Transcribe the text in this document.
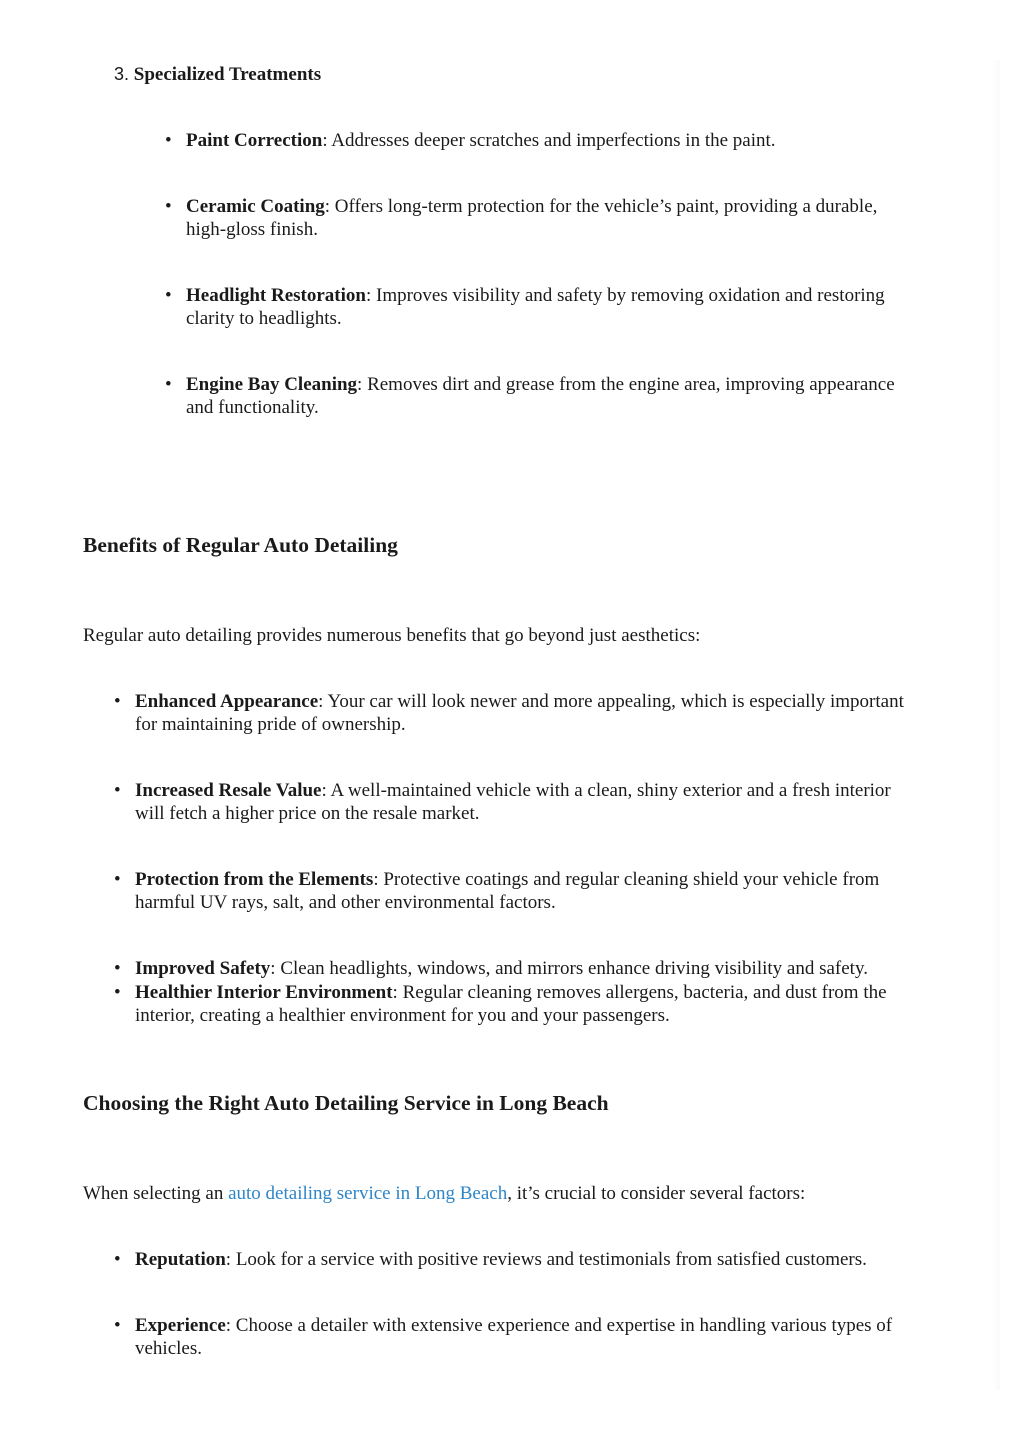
3. Specialized Treatments
• Paint Correction: Addresses deeper scratches and imperfections in the paint.
• Ceramic Coating: Offers long-term protection for the vehicle’s paint, providing a durable,
high-gloss finish.
• Headlight Restoration: Improves visibility and safety by removing oxidation and restoring
clarity to headlights.
• Engine Bay Cleaning: Removes dirt and grease from the engine area, improving appearance
and functionality.
Benefits of Regular Auto Detailing
Regular auto detailing provides numerous benefits that go beyond just aesthetics:
• Enhanced Appearance: Your car will look newer and more appealing, which is especially important
for maintaining pride of ownership.
• Increased Resale Value: A well-maintained vehicle with a clean, shiny exterior and a fresh interior
will fetch a higher price on the resale market.
• Protection from the Elements: Protective coatings and regular cleaning shield your vehicle from
harmful UV rays, salt, and other environmental factors.
• Improved Safety: Clean headlights, windows, and mirrors enhance driving visibility and safety.
• Healthier Interior Environment: Regular cleaning removes allergens, bacteria, and dust from the
interior, creating a healthier environment for you and your passengers.
Choosing the Right Auto Detailing Service in Long Beach
When selecting an auto detailing service in Long Beach, it’s crucial to consider several factors:
• Reputation: Look for a service with positive reviews and testimonials from satisfied customers.
• Experience: Choose a detailer with extensive experience and expertise in handling various types of
vehicles.
